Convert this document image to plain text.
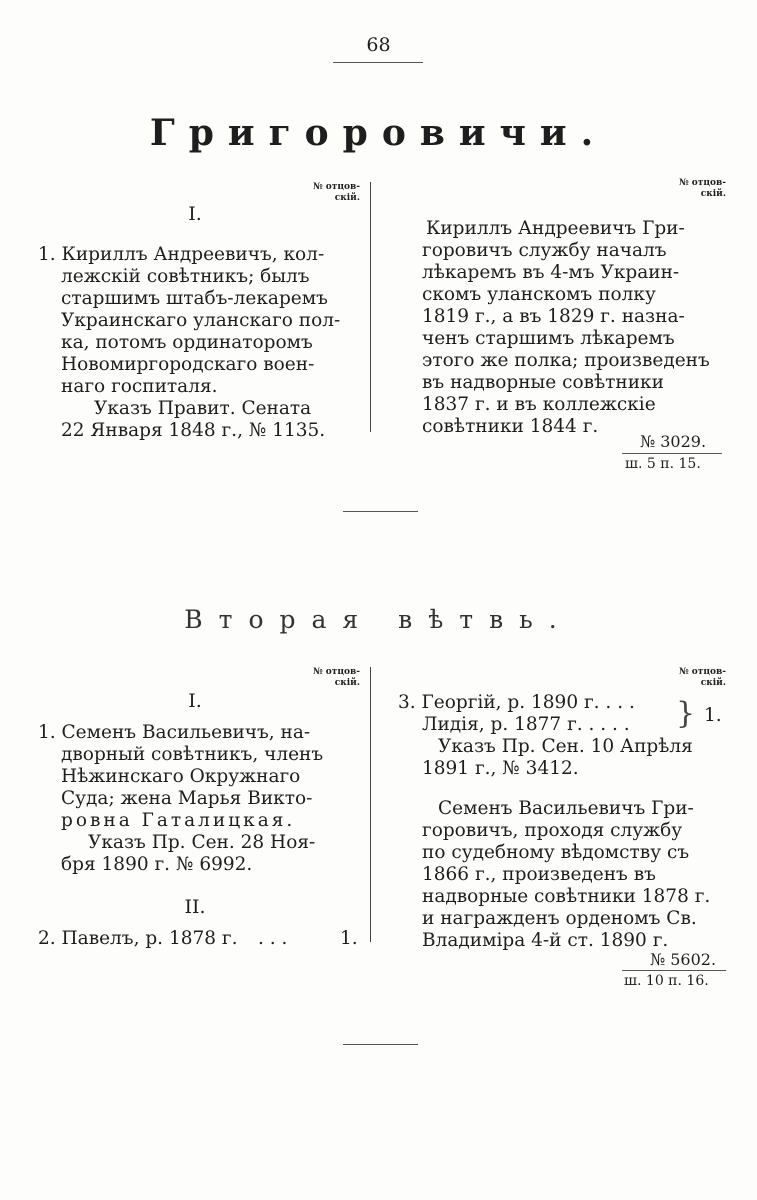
68
Григоровичи.
№ отцов-
скій.
№ отцов-
скій.
I.
1. Кириллъ Андреевичъ, кол-
лежскій совѣтникъ; былъ
старшимъ штабъ-лекаремъ
Украинскаго уланскаго пол-
ка, потомъ ординаторомъ
Новомиргородскаго воен-
наго госпиталя.
Указъ Правит. Сената
22 Января 1848 г., № 1135.
Кириллъ Андреевичъ Гри-
горовичъ службу началъ
лѣкаремъ въ 4-мъ Украин-
скомъ уланскомъ полку
1819 г., а въ 1829 г. назна-
ченъ старшимъ лѣкаремъ
этого же полка; произведенъ
въ надворные совѣтники
1837 г. и въ коллежскіе
совѣтники 1844 г.
№ 3029.
ш. 5 п. 15.
Вторая вѣтвь.
№ отцов-
скій.
№ отцов-
скій.
I.
1. Семенъ Васильевичъ, на-
дворный совѣтникъ, членъ
Нѣжинскаго Окружнаго
Суда; жена Марья Викто-
ровна Гаталицкая.
Указъ Пр. Сен. 28 Ноя-
бря 1890 г. № 6992.
II.
2. Павелъ, р. 1878 г. . . .	1.
3. Георгій, р. 1890 г. . . .
Лидія, р. 1877 г. . . . . } 1.
Указъ Пр. Сен. 10 Апрѣля
1891 г., № 3412.
Семенъ Васильевичъ Гри-
горовичъ, проходя службу
по судебному вѣдомству съ
1866 г., произведенъ въ
надворные совѣтники 1878 г.
и награжденъ орденомъ Св.
Владиміра 4-й ст. 1890 г.
№ 5602.
ш. 10 п. 16.
